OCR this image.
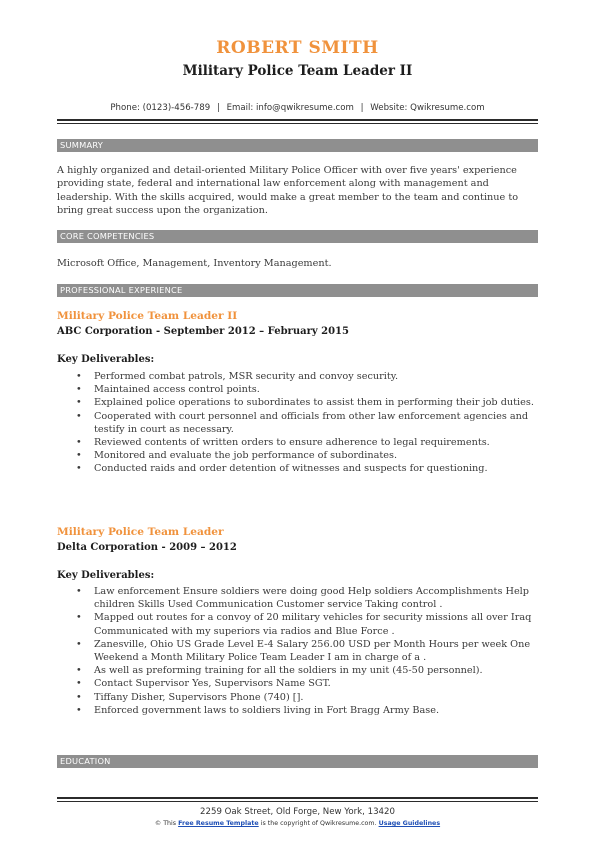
ROBERT SMITH
Military Police Team Leader II
Phone: (0123)-456-789 | Email: info@qwikresume.com | Website: Qwikresume.com
SUMMARY
A highly organized and detail-oriented Military Police Officer with over five years' experience providing state, federal and international law enforcement along with management and leadership. With the skills acquired, would make a great member to the team and continue to bring great success upon the organization.
CORE COMPETENCIES
Microsoft Office, Management, Inventory Management.
PROFESSIONAL EXPERIENCE
Military Police Team Leader II
ABC Corporation - September 2012 – February 2015
Key Deliverables:
• Performed combat patrols, MSR security and convoy security.
• Maintained access control points.
• Explained police operations to subordinates to assist them in performing their job duties.
• Cooperated with court personnel and officials from other law enforcement agencies and testify in court as necessary.
• Reviewed contents of written orders to ensure adherence to legal requirements.
• Monitored and evaluate the job performance of subordinates.
• Conducted raids and order detention of witnesses and suspects for questioning.
Military Police Team Leader
Delta Corporation - 2009 – 2012
Key Deliverables:
• Law enforcement Ensure soldiers were doing good Help soldiers Accomplishments Help children Skills Used Communication Customer service Taking control .
• Mapped out routes for a convoy of 20 military vehicles for security missions all over Iraq Communicated with my superiors via radios and Blue Force .
• Zanesville, Ohio US Grade Level E-4 Salary 256.00 USD per Month Hours per week One Weekend a Month Military Police Team Leader I am in charge of a .
• As well as preforming training for all the soldiers in my unit (45-50 personnel).
• Contact Supervisor Yes, Supervisors Name SGT.
• Tiffany Disher, Supervisors Phone (740) [].
• Enforced government laws to soldiers living in Fort Bragg Army Base.
EDUCATION
2259 Oak Street, Old Forge, New York, 13420
© This Free Resume Template is the copyright of Qwikresume.com. Usage Guidelines
